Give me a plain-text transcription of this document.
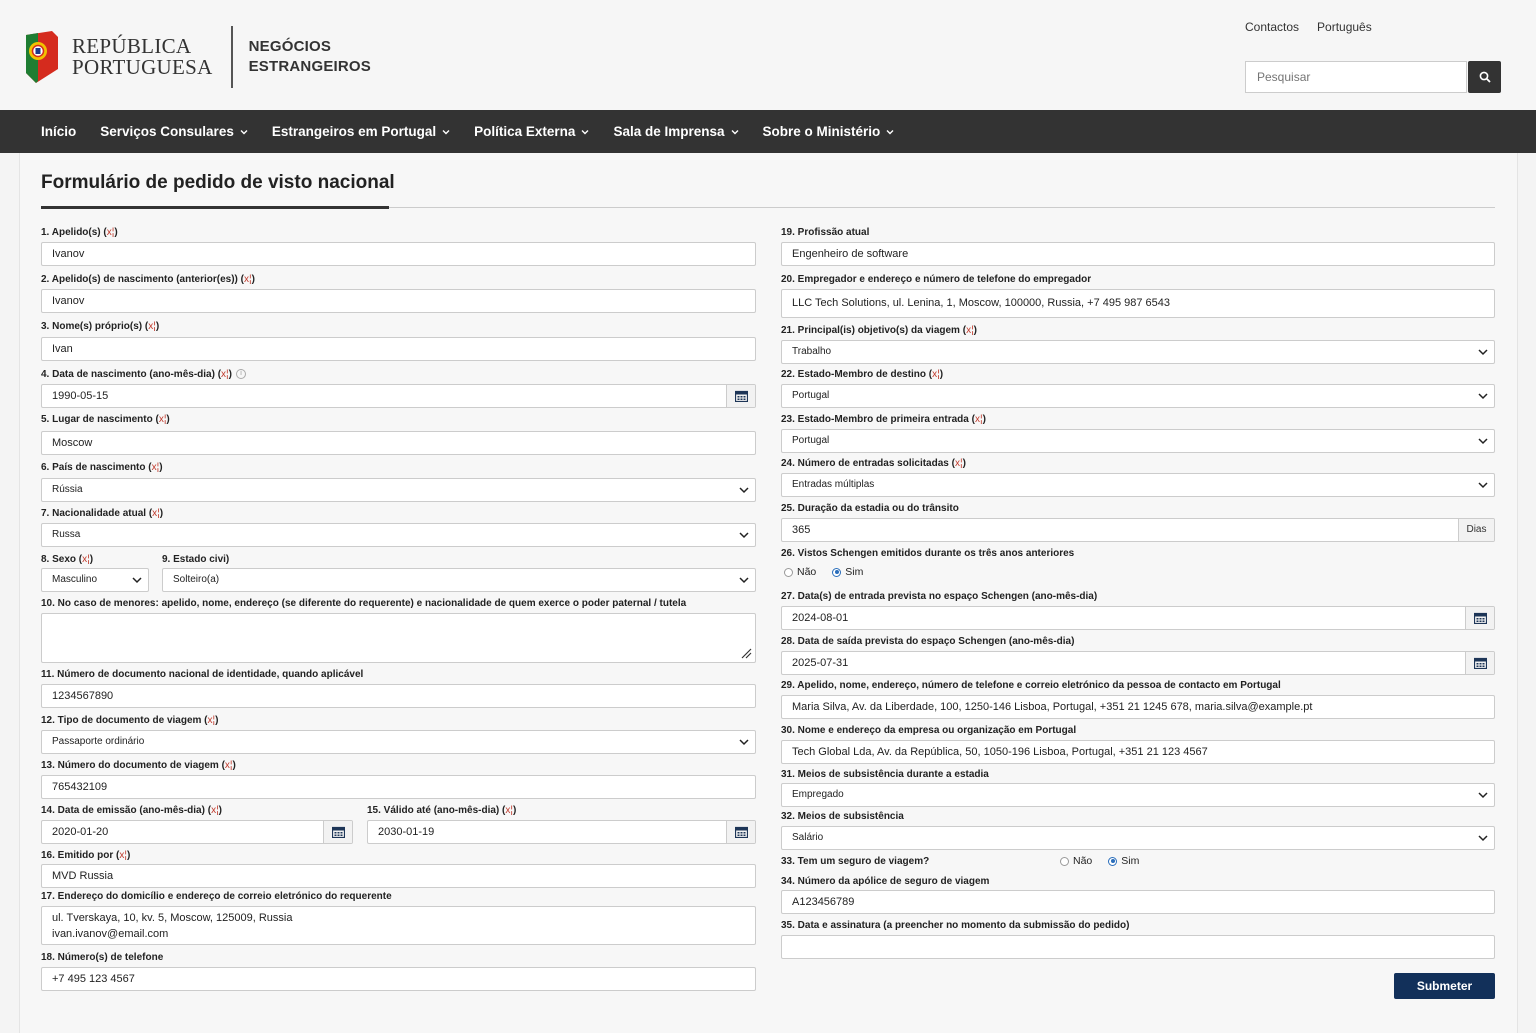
REPÚBLICA
PORTUGUESA
NEGÓCIOS
ESTRANGEIROS
Contactos Português
Pesquisar
Início Serviços Consulares	Estrangeiros em Portugal	Política Externa	Sala de Imprensa	Sobre o Ministério
Formulário de pedido de visto nacional
1. Apelido(s) (x¦)
Ivanov
2. Apelido(s) de nascimento (anterior(es)) (x¦)
Ivanov
3. Nome(s) próprio(s) (x¦)
Ivan
4. Data de nascimento (ano-mês-dia) (x¦) i
1990-05-15
5. Lugar de nascimento (x¦)
Moscow
6. País de nascimento (x¦)
Rússia
7. Nacionalidade atual (x¦)
Russa
8. Sexo (x¦)
Masculino
9. Estado civi)
Solteiro(a)
10. No caso de menores: apelido, nome, endereço (se diferente do requerente) e nacionalidade de quem exerce o poder paternal / tutela
11. Número de documento nacional de identidade, quando aplicável
1234567890
12. Tipo de documento de viagem (x¦)
Passaporte ordinário
13. Número do documento de viagem (x¦)
765432109
14. Data de emissão (ano-mês-dia) (x¦)
2020-01-20
15. Válido até (ano-mês-dia) (x¦)
2030-01-19
16. Emitido por (x¦)
MVD Russia
17. Endereço do domicílio e endereço de correio eletrónico do requerente
ul. Tverskaya, 10, kv. 5, Moscow, 125009, Russia
ivan.ivanov@email.com
18. Número(s) de telefone
+7 495 123 4567
19. Profissão atual
Engenheiro de software
20. Empregador e endereço e número de telefone do empregador
LLC Tech Solutions, ul. Lenina, 1, Moscow, 100000, Russia, +7 495 987 6543
21. Principal(is) objetivo(s) da viagem (x¦)
Trabalho
22. Estado-Membro de destino (x¦)
Portugal
23. Estado-Membro de primeira entrada (x¦)
Portugal
24. Número de entradas solicitadas (x¦)
Entradas múltiplas
25. Duração da estadia ou do trânsito
365	Dias
26. Vistos Schengen emitidos durante os três anos anteriores
Não	Sim
27. Data(s) de entrada prevista no espaço Schengen (ano-mês-dia)
2024-08-01
28. Data de saída prevista do espaço Schengen (ano-mês-dia)
2025-07-31
29. Apelido, nome, endereço, número de telefone e correio eletrónico da pessoa de contacto em Portugal
Maria Silva, Av. da Liberdade, 100, 1250-146 Lisboa, Portugal, +351 21 1245 678, maria.silva@example.pt
30. Nome e endereço da empresa ou organização em Portugal
Tech Global Lda, Av. da República, 50, 1050-196 Lisboa, Portugal, +351 21 123 4567
31. Meios de subsistência durante a estadia
Empregado
32. Meios de subsistência
Salário
33. Tem um seguro de viagem?	Não	Sim
34. Número da apólice de seguro de viagem
A123456789
35. Data e assinatura (a preencher no momento da submissão do pedido)
Submeter
